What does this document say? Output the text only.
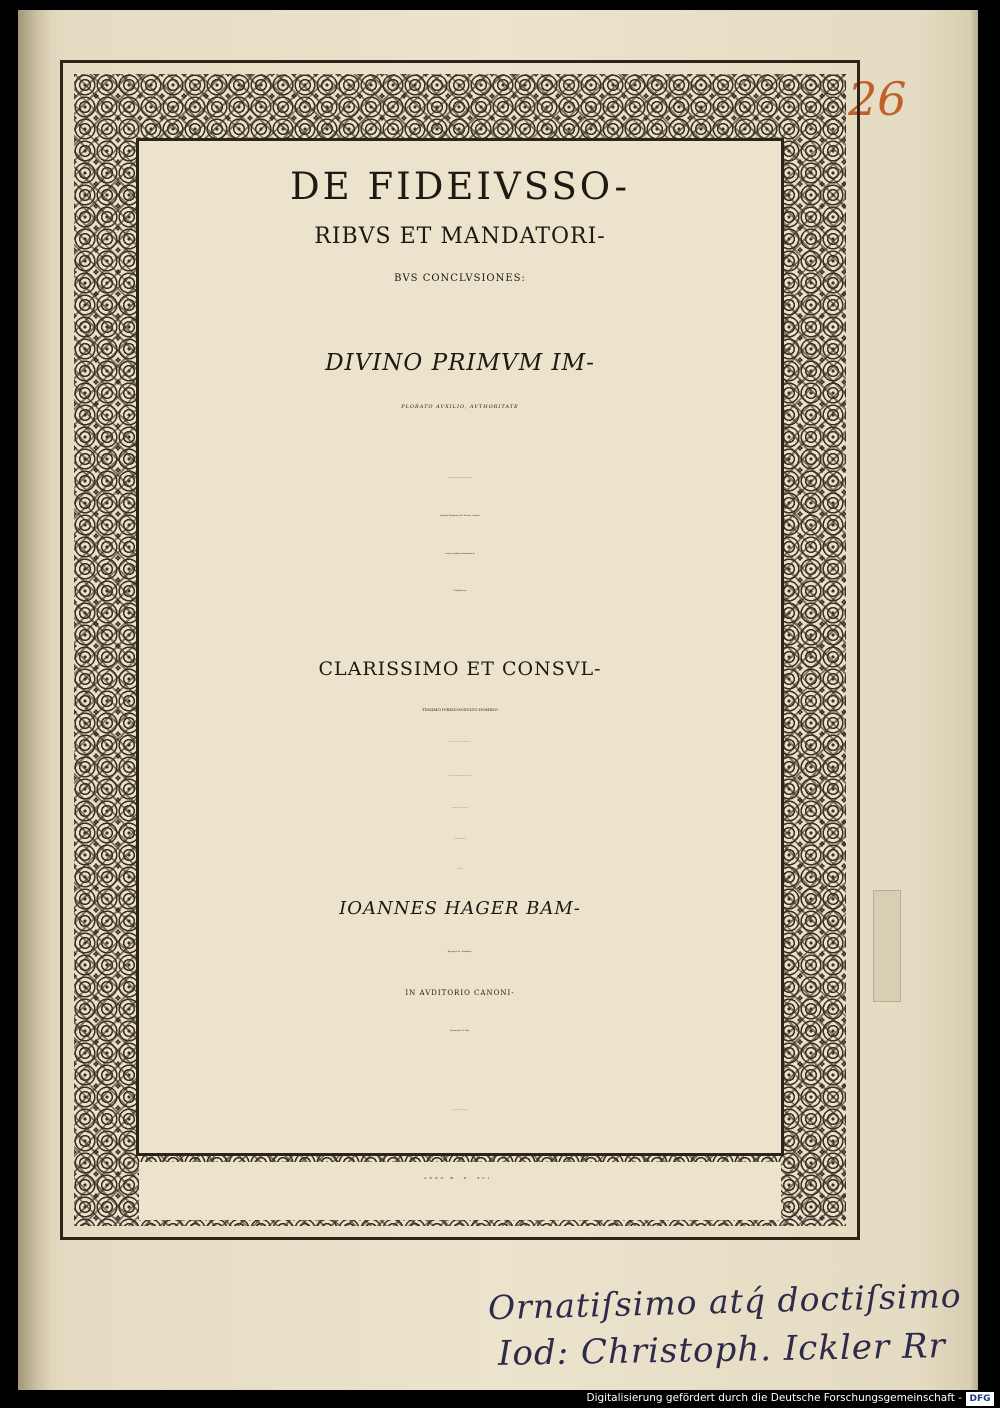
26
DE FIDEIVSSO-
RIBVS ET MANDATORI-
BVS CONCLVSIONES:
DIVINO PRIMVM IM-
PLORATO AVXILIO, AVTHORITATE
inclyti Collegij Iuridici in alma & Catholica Ingol-
ſtadienſi Academia Dn. Decani, cætero-
rumq́; eiuſdem Senatorum &
Profeſſorum:
CLARISSIMO ET CONSVL-
TISSIMO IVRISCONSVLTO DOMINO
CASPARO HELL I.V.D. ANTECESSORE, ET LL.
Profeſſore ordinario, præceptore ſuo ſumma
obſeruantia colendo, pro ingenij
ſui tenuitate defendere
conabitur:
IOANNES HAGER BAM-
bergenſis LL. Studioſus.
IN AVDITORIO CANONI-
ſtarum die 10 Iulij.
Ex Officina DAVIDIS SARTORII.
ANNO M. D. XCI.
Ornatiſsimo atq́ doctiſsimo
Iod: Christoph. Ickler Rr
Digitalisierung gefördert durch die Deutsche Forschungsgemeinschaft - DFG
